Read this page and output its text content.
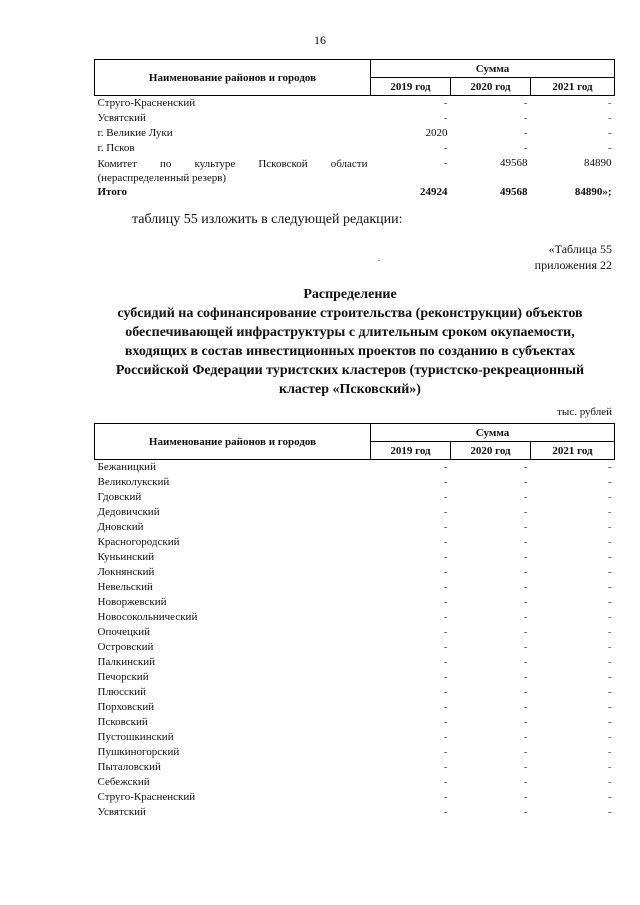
16
Наименование районов и городов	Сумма		
	2019 год	2020 год	2021 год
Струго-Красненский	-	-	-
Усвятский	-	-	-
г. Великие Луки	2020	-	-
г. Псков	-	-	-
Комитет по культуре Псковской области (нераспределенный резерв)	-	49568	84890
Итого	24924	49568	84890»;
таблицу 55 изложить в следующей редакции:
«Таблица 55
приложения 22
Распределение
субсидий на софинансирование строительства (реконструкции) объектов
обеспечивающей инфраструктуры с длительным сроком окупаемости,
входящих в состав инвестиционных проектов по созданию в субъектах
Российской Федерации туристских кластеров (туристско-рекреационный
кластер «Псковский»)
тыс. рублей
Наименование районов и городов	Сумма		
	2019 год	2020 год	2021 год
Бежаницкий	-	-	-
Великолукский	-	-	-
Гдовский	-	-	-
Дедовичский	-	-	-
Дновский	-	-	-
Красногородский	-	-	-
Куньинский	-	-	-
Локнянский	-	-	-
Невельский	-	-	-
Новоржевский	-	-	-
Новосокольнический	-	-	-
Опочецкий	-	-	-
Островский	-	-	-
Палкинский	-	-	-
Печорский	-	-	-
Плюсский	-	-	-
Порховский	-	-	-
Псковский	-	-	-
Пустошкинский	-	-	-
Пушкиногорский	-	-	-
Пыталовский	-	-	-
Себежский	-	-	-
Струго-Красненский	-	-	-
Усвятский	-	-	-
